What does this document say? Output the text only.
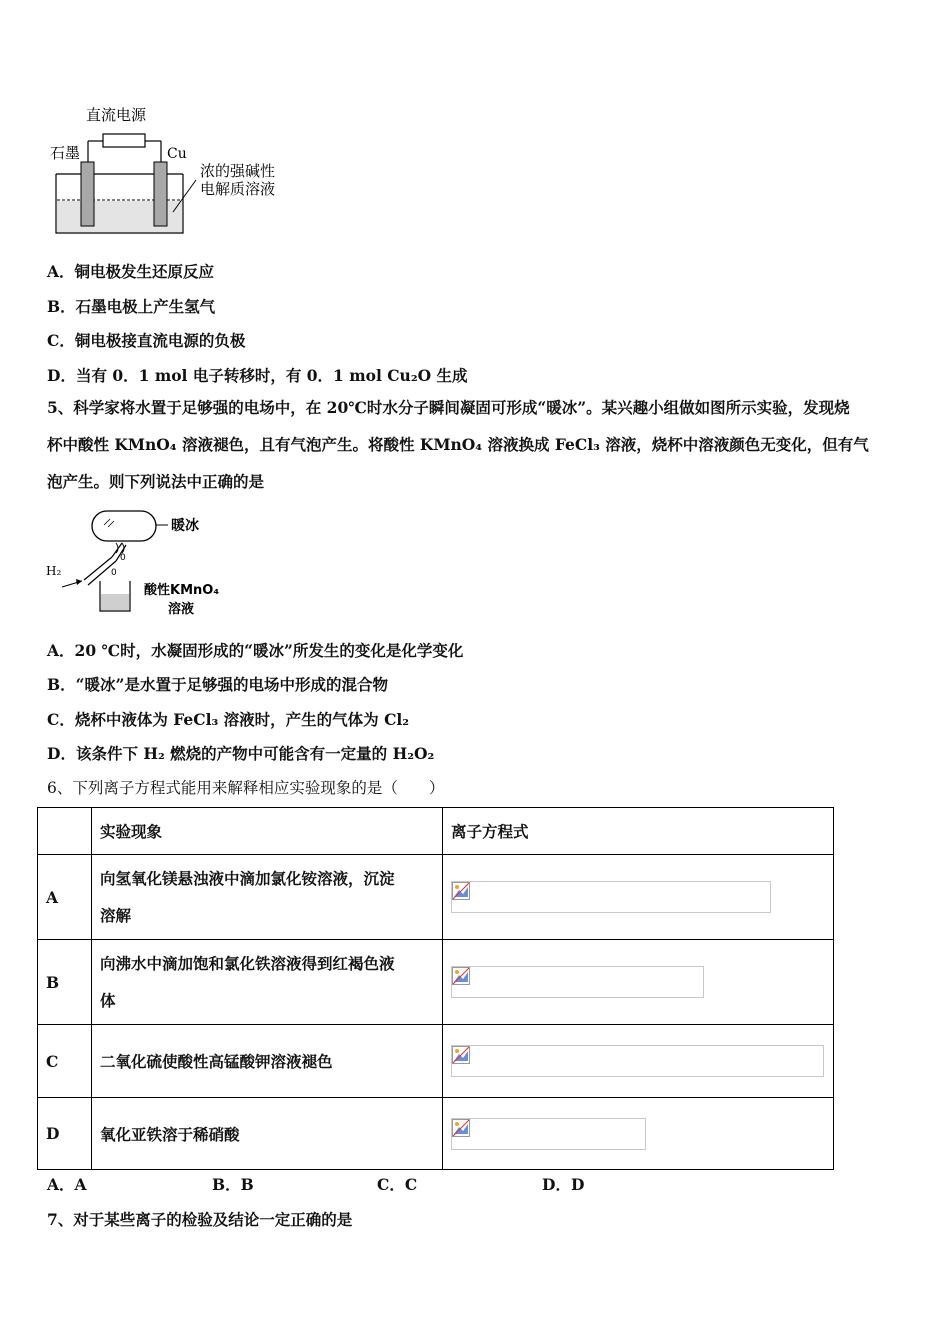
直流电源
石墨	Cu
浓的强碱性
电解质溶液
A．铜电极发生还原反应
B．石墨电极上产生氢气
C．铜电极接直流电源的负极
D．当有 0．1 mol 电子转移时，有 0．1 mol Cu₂O 生成
5、科学家将水置于足够强的电场中，在 20℃时水分子瞬间凝固可形成“暖冰”。某兴趣小组做如图所示实验，发现烧
杯中酸性 KMnO₄ 溶液褪色，且有气泡产生。将酸性 KMnO₄ 溶液换成 FeCl₃ 溶液，烧杯中溶液颜色无变化，但有气
泡产生。则下列说法中正确的是
暖冰
0
0
H₂
酸性KMnO₄
溶液
A．20 ℃时，水凝固形成的“暖冰”所发生的变化是化学变化
B．“暖冰”是水置于足够强的电场中形成的混合物
C．烧杯中液体为 FeCl₃ 溶液时，产生的气体为 Cl₂
D．该条件下 H₂ 燃烧的产物中可能含有一定量的 H₂O₂
6、下列离子方程式能用来解释相应实验现象的是（　　）
	实验现象	离子方程式
A	向氢氧化镁悬浊液中滴加氯化铵溶液，沉淀
溶解

B	向沸水中滴加饱和氯化铁溶液得到红褐色液
体

C	二氧化硫使酸性高锰酸钾溶液褪色

D	氧化亚铁溶于稀硝酸

A．A	B．B	C．C	D．D
7、对于某些离子的检验及结论一定正确的是
